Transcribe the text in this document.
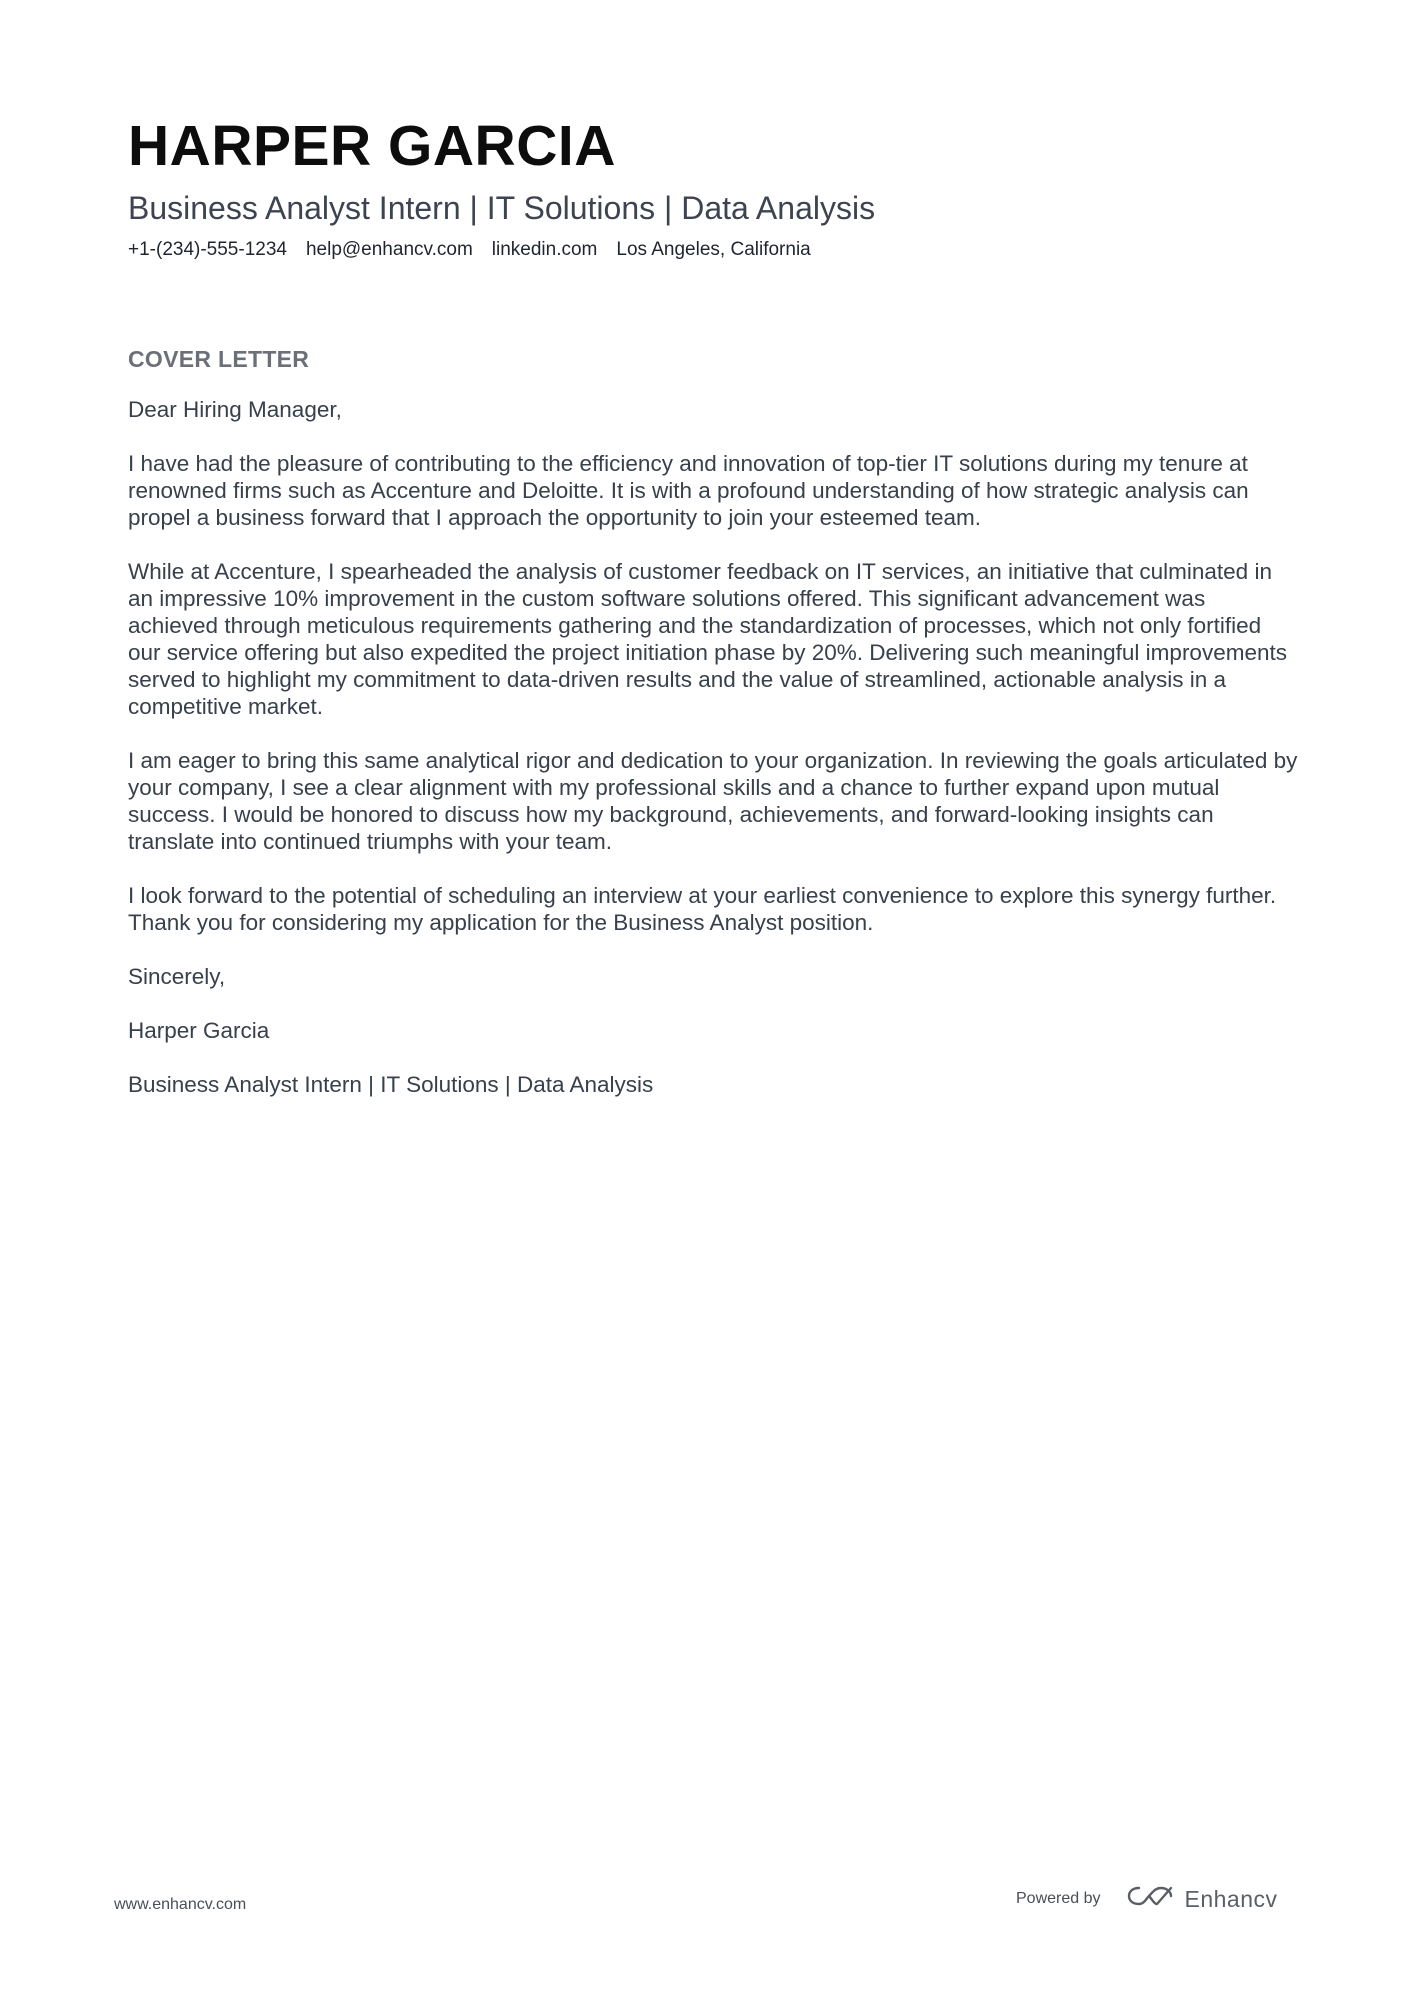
HARPER GARCIA
Business Analyst Intern | IT Solutions | Data Analysis
+1-(234)-555-1234 help@enhancv.com linkedin.com Los Angeles, California
COVER LETTER

Dear Hiring Manager,

I have had the pleasure of contributing to the efficiency and innovation of top-tier IT solutions during my tenure at renowned firms such as Accenture and Deloitte. It is with a profound understanding of how strategic analysis can propel a business forward that I approach the opportunity to join your esteemed team.

While at Accenture, I spearheaded the analysis of customer feedback on IT services, an initiative that culminated in an impressive 10% improvement in the custom software solutions offered. This significant advancement was achieved through meticulous requirements gathering and the standardization of processes, which not only fortified our service offering but also expedited the project initiation phase by 20%. Delivering such meaningful improvements served to highlight my commitment to data-driven results and the value of streamlined, actionable analysis in a competitive market.

I am eager to bring this same analytical rigor and dedication to your organization. In reviewing the goals articulated by your company, I see a clear alignment with my professional skills and a chance to further expand upon mutual success. I would be honored to discuss how my background, achievements, and forward-looking insights can translate into continued triumphs with your team.

I look forward to the potential of scheduling an interview at your earliest convenience to explore this synergy further. Thank you for considering my application for the Business Analyst position.

Sincerely,

Harper Garcia

Business Analyst Intern | IT Solutions | Data Analysis

www.enhancv.com	Powered by	Enhancv
